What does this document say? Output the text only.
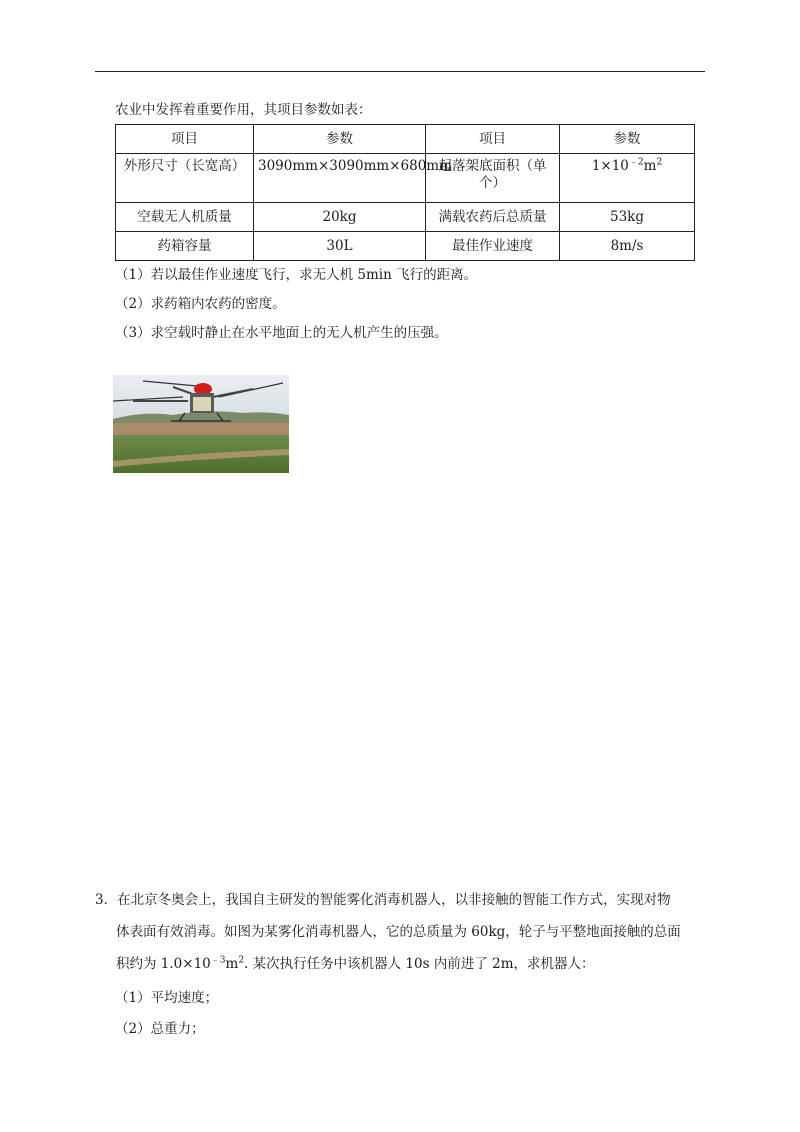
农业中发挥着重要作用，其项目参数如表：
项目	参数	项目	参数
外形尺寸（长宽高）	3090mm×3090mm×680mm	起落架底面积（单个）	$1\times 10^{﹣2}m^2$
空载无人机质量	20kg	满载农药后总质量	53kg
药箱容量	30L	最佳作业速度	8m/s
（1）若以最佳作业速度飞行，求无人机 5min 飞行的距离。
（2）求药箱内农药的密度。
（3）求空载时静止在水平地面上的无人机产生的压强。
3．在北京冬奥会上，我国自主研发的智能雾化消毒机器人，以非接触的智能工作方式，实现对物
体表面有效消毒。如图为某雾化消毒机器人，它的总质量为 60kg，轮子与平整地面接触的总面
积约为 $1.0\times 10^{﹣3}m^2$. 某次执行任务中该机器人 10s 内前进了 2m，求机器人：
（1）平均速度；
（2）总重力；
